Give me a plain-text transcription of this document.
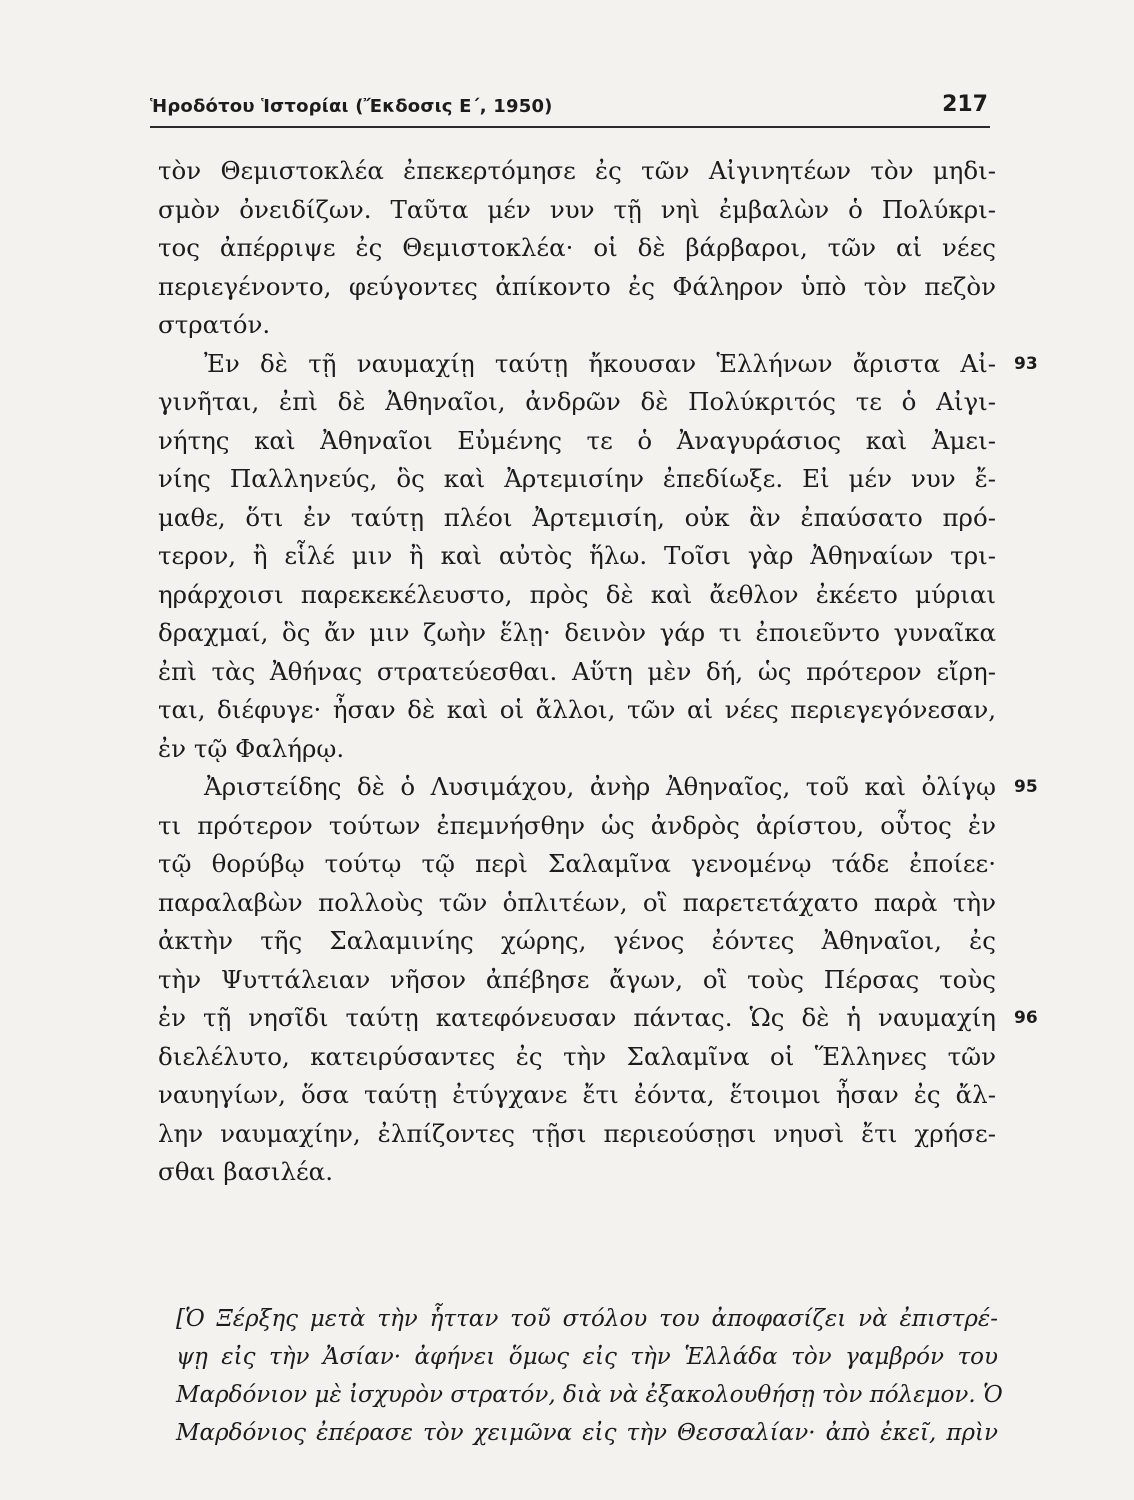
Ἡροδότου Ἱστορίαι (Ἔκδοσις Ε΄, 1950)	217
τὸν Θεμιστοκλέα ἐπεκερτόμησε ἐς τῶν Αἰγινητέων τὸν μηδι-
σμὸν ὀνειδίζων. Ταῦτα μέν νυν τῇ νηὶ ἐμβαλὼν ὁ Πολύκρι-
τος ἀπέρριψε ἐς Θεμιστοκλέα· οἱ δὲ βάρβαροι, τῶν αἱ νέες
περιεγένοντο, φεύγοντες ἀπίκοντο ἐς Φάληρον ὑπὸ τὸν πεζὸν
στρατόν.
Ἐν δὲ τῇ ναυμαχίῃ ταύτῃ ἤκουσαν Ἑλλήνων ἄριστα Αἰ- 93
γινῆται, ἐπὶ δὲ Ἀθηναῖοι, ἀνδρῶν δὲ Πολύκριτός τε ὁ Αἰγι-
νήτης καὶ Ἀθηναῖοι Εὐμένης τε ὁ Ἀναγυράσιος καὶ Ἀμει-
νίης Παλληνεύς, ὃς καὶ Ἀρτεμισίην ἐπεδίωξε. Εἰ μέν νυν ἔ-
μαθε, ὅτι ἐν ταύτῃ πλέοι Ἀρτεμισίη, οὐκ ἂν ἐπαύσατο πρό-
τερον, ἢ εἷλέ μιν ἢ καὶ αὐτὸς ἥλω. Τοῖσι γὰρ Ἀθηναίων τρι-
ηράρχοισι παρεκεκέλευστο, πρὸς δὲ καὶ ἄεθλον ἐκέετο μύριαι
δραχμαί, ὃς ἄν μιν ζωὴν ἕλῃ· δεινὸν γάρ τι ἐποιεῦντο γυναῖκα
ἐπὶ τὰς Ἀθήνας στρατεύεσθαι. Αὕτη μὲν δή, ὡς πρότερον εἴρη-
ται, διέφυγε· ἦσαν δὲ καὶ οἱ ἄλλοι, τῶν αἱ νέες περιεγεγόνεσαν,
ἐν τῷ Φαλήρῳ.
Ἀριστείδης δὲ ὁ Λυσιμάχου, ἀνὴρ Ἀθηναῖος, τοῦ καὶ ὀλίγῳ 95
τι πρότερον τούτων ἐπεμνήσθην ὡς ἀνδρὸς ἀρίστου, οὗτος ἐν
τῷ θορύβῳ τούτῳ τῷ περὶ Σαλαμῖνα γενομένῳ τάδε ἐποίεε·
παραλαβὼν πολλοὺς τῶν ὁπλιτέων, οἳ παρετετάχατο παρὰ τὴν
ἀκτὴν τῆς Σαλαμινίης χώρης, γένος ἐόντες Ἀθηναῖοι, ἐς
τὴν Ψυττάλειαν νῆσον ἀπέβησε ἄγων, οἳ τοὺς Πέρσας τοὺς
ἐν τῇ νησῖδι ταύτῃ κατεφόνευσαν πάντας. Ὡς δὲ ἡ ναυμαχίη 96
διελέλυτο, κατειρύσαντες ἐς τὴν Σαλαμῖνα οἱ Ἕλληνες τῶν
ναυηγίων, ὅσα ταύτῃ ἐτύγχανε ἔτι ἐόντα, ἕτοιμοι ἦσαν ἐς ἄλ-
λην ναυμαχίην, ἐλπίζοντες τῇσι περιεούσῃσι νηυσὶ ἔτι χρήσε-
σθαι βασιλέα.
[Ὁ Ξέρξης μετὰ τὴν ἧτταν τοῦ στόλου του ἀποφασίζει νὰ ἐπιστρέ-
ψῃ εἰς τὴν Ἀσίαν· ἀφήνει ὅμως εἰς τὴν Ἑλλάδα τὸν γαμβρόν του
Μαρδόνιον μὲ ἰσχυρὸν στρατόν, διὰ νὰ ἐξακολουθήσῃ τὸν πόλεμον. Ὁ
Μαρδόνιος ἐπέρασε τὸν χειμῶνα εἰς τὴν Θεσσαλίαν· ἀπὸ ἐκεῖ, πρὶν
